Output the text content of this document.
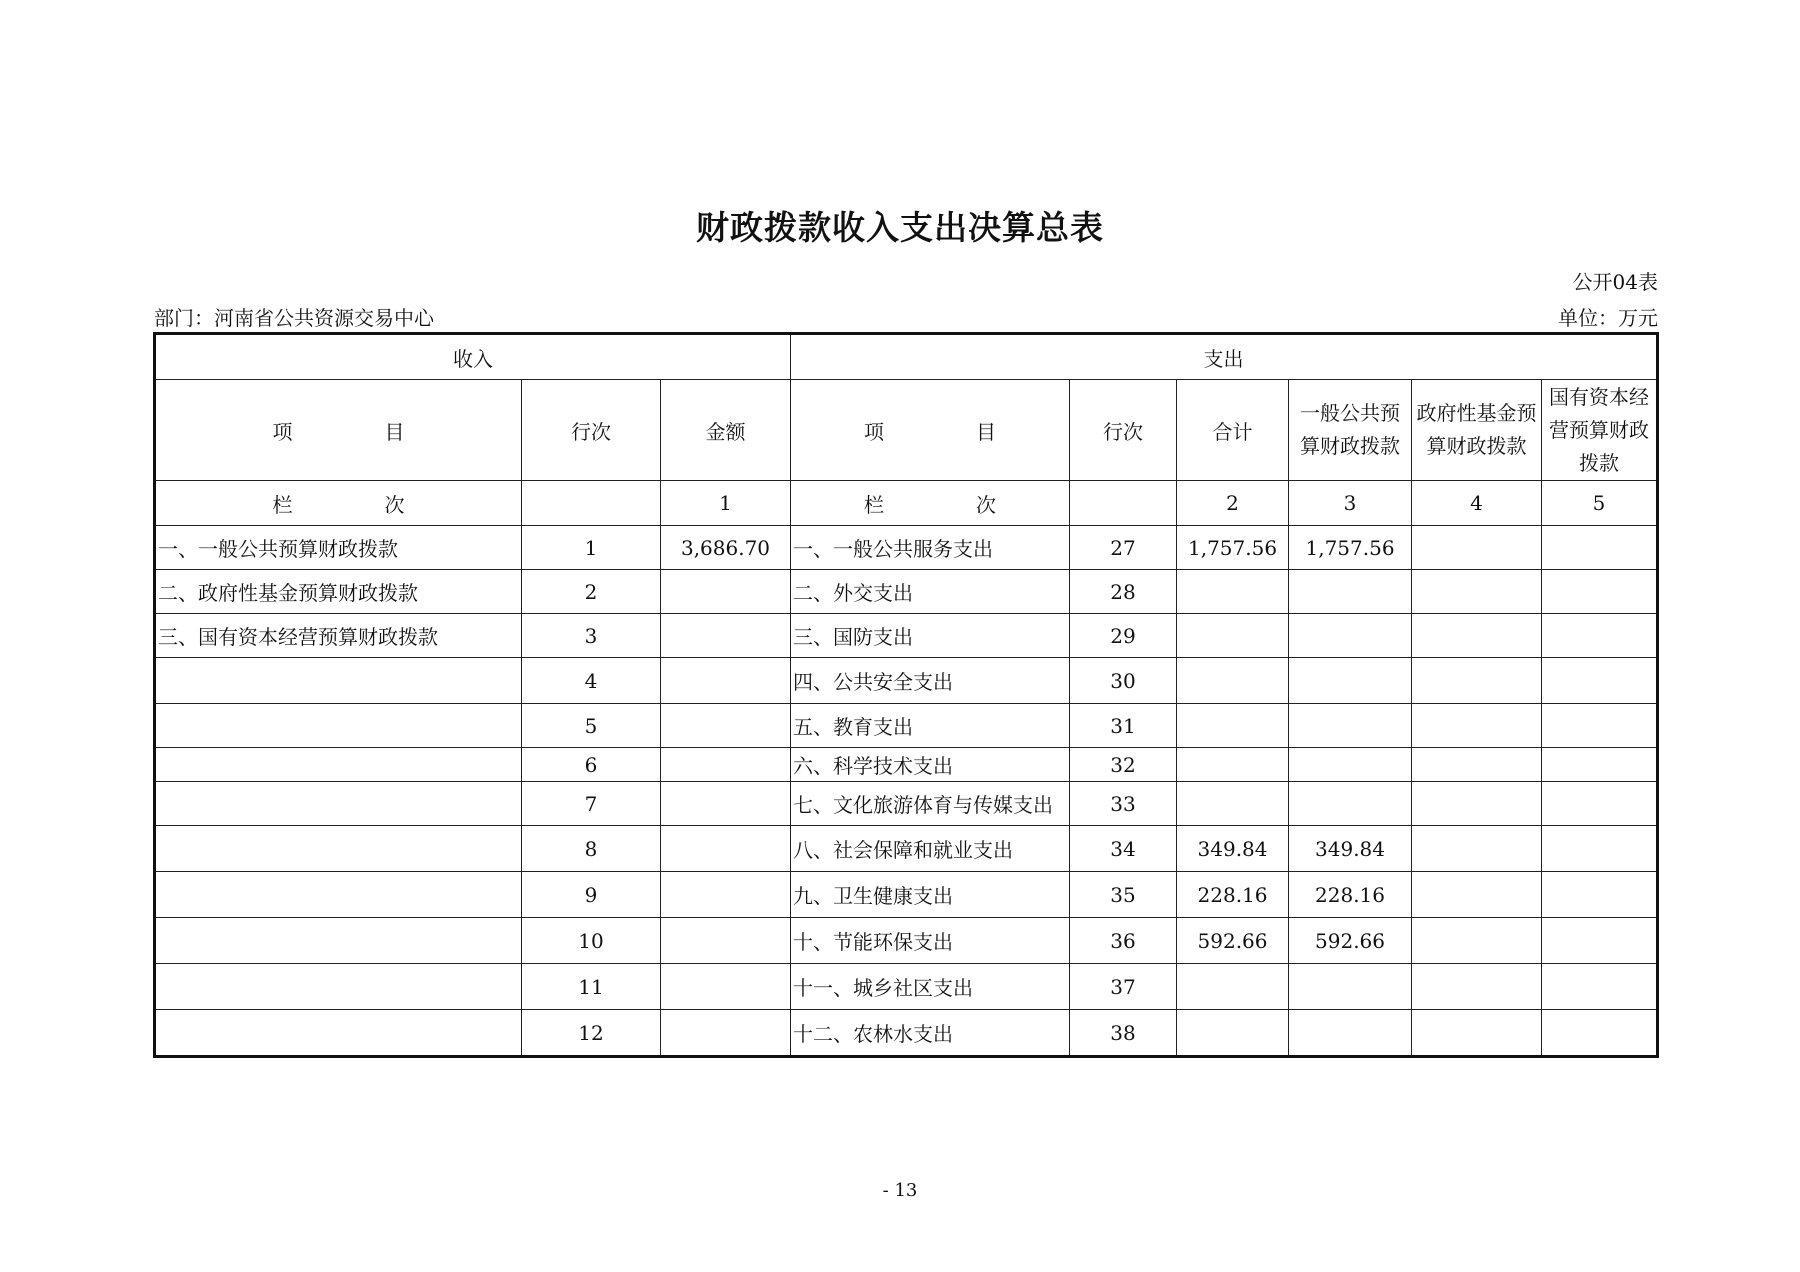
财政拨款收入支出决算总表
公开04表
部门：河南省公共资源交易中心	单位：万元
收入			支出					
项　目	行次	金额	项　目	行次	合计	一般公共预算财政拨款	政府性基金预算财政拨款	国有资本经营预算财政拨款
栏　次		1	栏　次		2	3	4	5
一、一般公共预算财政拨款	1	3,686.70	一、一般公共服务支出	27	1,757.56	1,757.56		
二、政府性基金预算财政拨款	2		二、外交支出	28				
三、国有资本经营预算财政拨款	3		三、国防支出	29				
	4		四、公共安全支出	30				
	5		五、教育支出	31				
	6		六、科学技术支出	32				
	7		七、文化旅游体育与传媒支出	33				
	8		八、社会保障和就业支出	34	349.84	349.84		
	9		九、卫生健康支出	35	228.16	228.16		
	10		十、节能环保支出	36	592.66	592.66		
	11		十一、城乡社区支出	37				
	12		十二、农林水支出	38				
- 13
